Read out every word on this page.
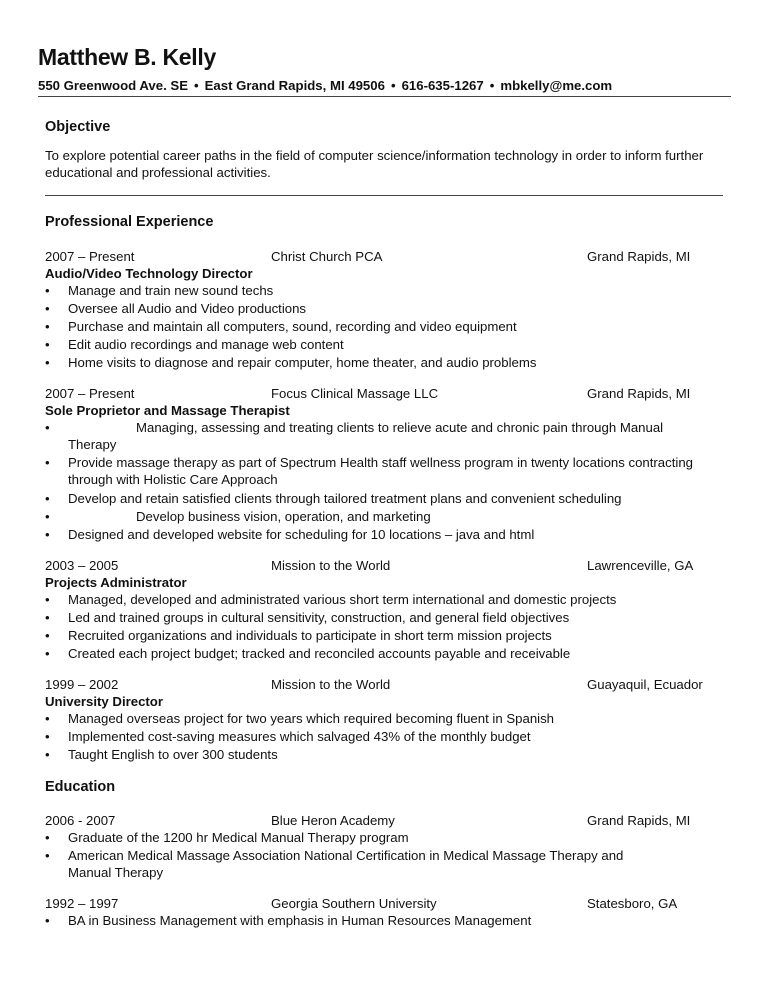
Matthew B. Kelly
550 Greenwood Ave. SE • East Grand Rapids, MI 49506 • 616-635-1267 • mbkelly@me.com

Objective

To explore potential career paths in the field of computer science/information technology in order to inform further educational and professional activities.

Professional Experience

2007 – Present	Christ Church PCA	Grand Rapids, MI

Audio/Video Technology Director

• Manage and train new sound techs
• Oversee all Audio and Video productions
• Purchase and maintain all computers, sound, recording and video equipment
• Edit audio recordings and manage web content
• Home visits to diagnose and repair computer, home theater, and audio problems
2007 – Present	Focus Clinical Massage LLC	Grand Rapids, MI

Sole Proprietor and Massage Therapist

• Managing, assessing and treating clients to relieve acute and chronic pain through Manual Therapy
• Provide massage therapy as part of Spectrum Health staff wellness program in twenty locations contracting through with Holistic Care Approach
• Develop and retain satisfied clients through tailored treatment plans and convenient scheduling
• Develop business vision, operation, and marketing
• Designed and developed website for scheduling for 10 locations – java and html
2003 – 2005	Mission to the World	Lawrenceville, GA

Projects Administrator

• Managed, developed and administrated various short term international and domestic projects
• Led and trained groups in cultural sensitivity, construction, and general field objectives
• Recruited organizations and individuals to participate in short term mission projects
• Created each project budget; tracked and reconciled accounts payable and receivable
1999 – 2002	Mission to the World	Guayaquil, Ecuador

University Director

• Managed overseas project for two years which required becoming fluent in Spanish
• Implemented cost-saving measures which salvaged 43% of the monthly budget
• Taught English to over 300 students

Education

2006 - 2007	Blue Heron Academy	Grand Rapids, MI
• Graduate of the 1200 hr Medical Manual Therapy program
• American Medical Massage Association National Certification in Medical Massage Therapy and Manual Therapy
1992 – 1997	Georgia Southern University	Statesboro, GA
• BA in Business Management with emphasis in Human Resources Management
